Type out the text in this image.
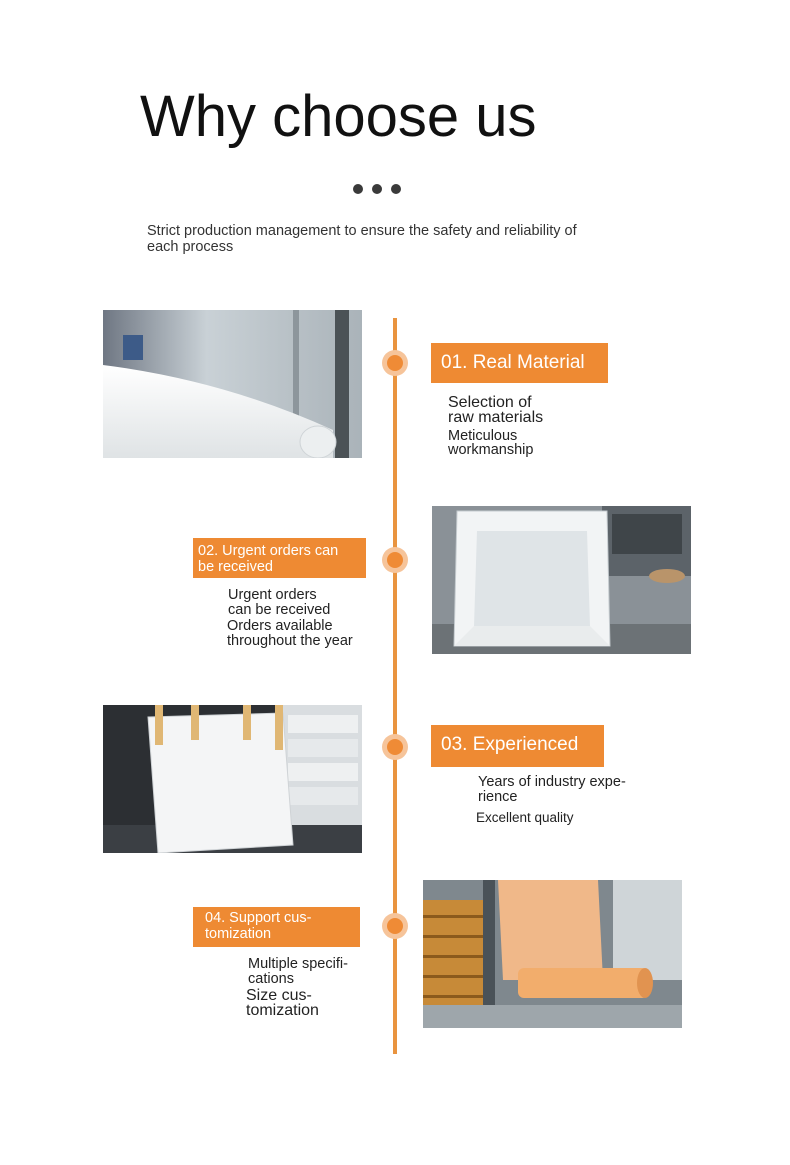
Why choose us
Strict production management to ensure the safety and reliability of each process
01. Real Material

Selection of

raw materials

Meticulous

workmanship

02. Urgent orders can
be received

Urgent orders

can be received

Orders available

throughout the year

03. Experienced

Years of industry expe-

rience

Excellent quality

04. Support cus-
tomization

Multiple specifi-

cations

Size cus-

tomization
